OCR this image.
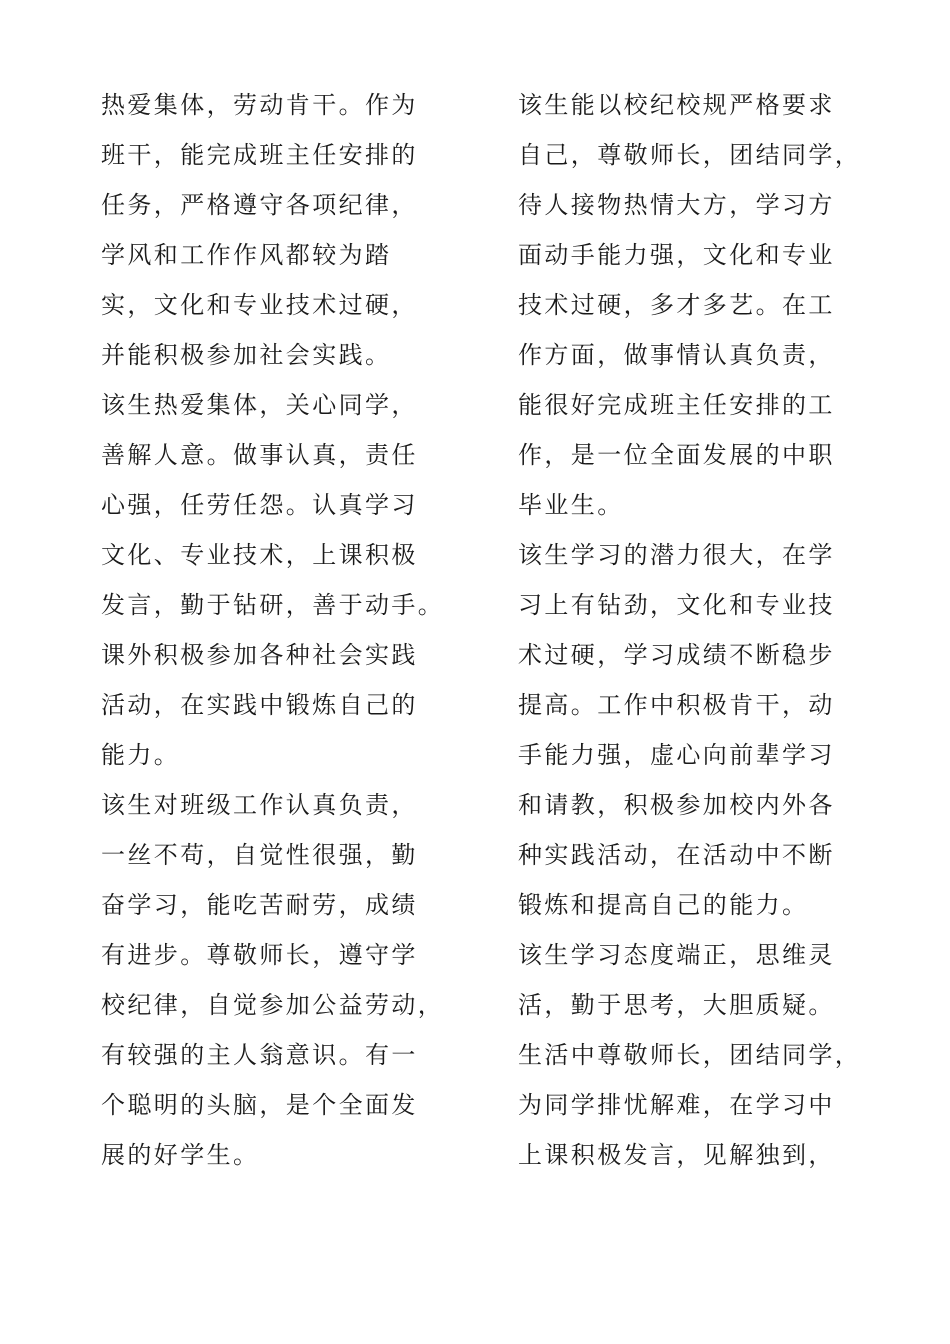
热爱集体，劳动肯干。作为
班干，能完成班主任安排的
任务，严格遵守各项纪律，
学风和工作作风都较为踏
实，文化和专业技术过硬，
并能积极参加社会实践。
该生热爱集体，关心同学，
善解人意。做事认真，责任
心强，任劳任怨。认真学习
文化、专业技术，上课积极
发言，勤于钻研，善于动手。
课外积极参加各种社会实践
活动，在实践中锻炼自己的
能力。
该生对班级工作认真负责，
一丝不苟，自觉性很强，勤
奋学习，能吃苦耐劳，成绩
有进步。尊敬师长，遵守学
校纪律，自觉参加公益劳动，
有较强的主人翁意识。有一
个聪明的头脑，是个全面发
展的好学生。
该生能以校纪校规严格要求
自己，尊敬师长，团结同学，
待人接物热情大方，学习方
面动手能力强，文化和专业
技术过硬，多才多艺。在工
作方面，做事情认真负责，
能很好完成班主任安排的工
作，是一位全面发展的中职
毕业生。
该生学习的潜力很大，在学
习上有钻劲，文化和专业技
术过硬，学习成绩不断稳步
提高。工作中积极肯干，动
手能力强，虚心向前辈学习
和请教，积极参加校内外各
种实践活动，在活动中不断
锻炼和提高自己的能力。
该生学习态度端正，思维灵
活，勤于思考，大胆质疑。
生活中尊敬师长，团结同学，
为同学排忧解难，在学习中
上课积极发言，见解独到，
